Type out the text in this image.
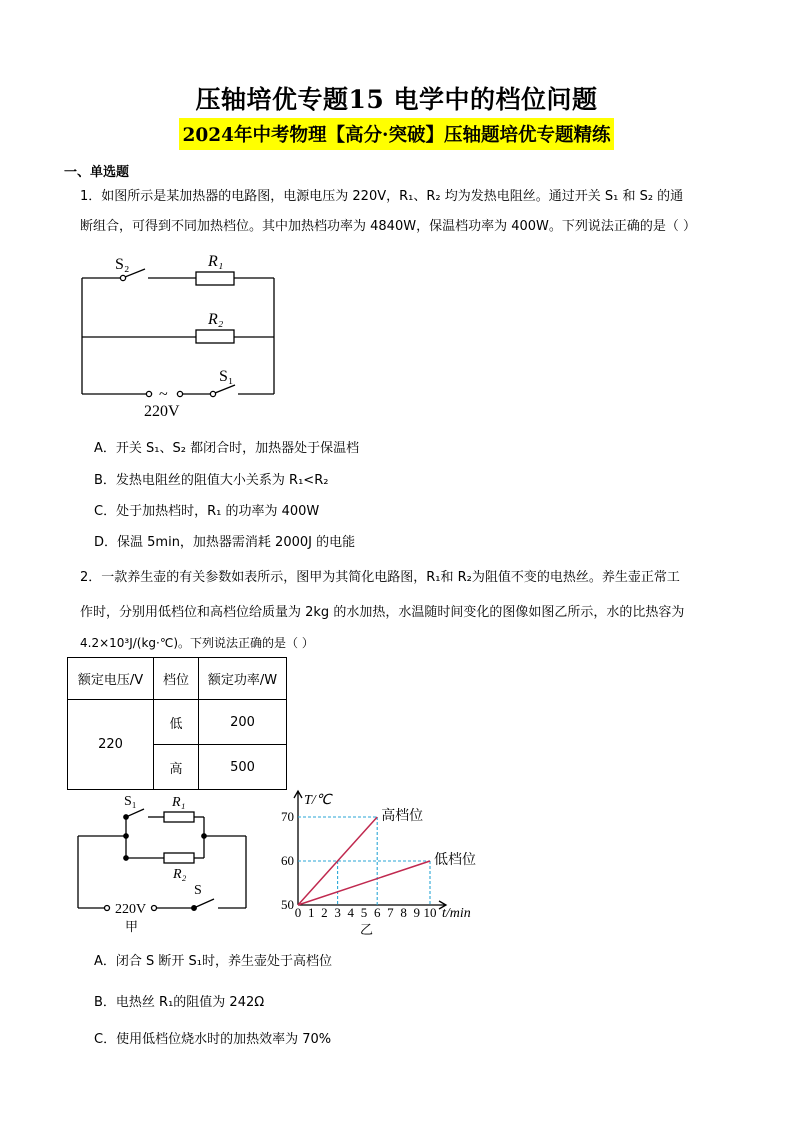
压轴培优专题15 电学中的档位问题
2024年中考物理【高分·突破】压轴题培优专题精练
一、单选题
1．如图所示是某加热器的电路图，电源电压为 220V，R₁、R₂ 均为发热电阻丝。通过开关 S₁ 和 S₂ 的通
断组合，可得到不同加热档位。其中加热档功率为 4840W，保温档功率为 400W。下列说法正确的是（ ）
S₂	R₁
R₂
S₁
~
220V
A．开关 S₁、S₂ 都闭合时，加热器处于保温档
B．发热电阻丝的阻值大小关系为 R₁<R₂
C．处于加热档时，R₁ 的功率为 400W
D．保温 5min，加热器需消耗 2000J 的电能
2．一款养生壶的有关参数如表所示，图甲为其简化电路图，R₁和 R₂为阻值不变的电热丝。养生壶正常工
作时，分别用低档位和高档位给质量为 2kg 的水加热，水温随时间变化的图像如图乙所示，水的比热容为
4.2×10³J/(kg·℃)。下列说法正确的是（ ）
额定电压/V	档位	额定功率/W
220	低	200
	高	500
S₁	R₁
R₂
S
220V
甲
高档位
低档位
0 1 2 3 4 5 6 7 8 9 10
50
60
70
T/℃
t/min
乙
A．闭合 S 断开 S₁时，养生壶处于高档位
B．电热丝 R₁的阻值为 242Ω
C．使用低档位烧水时的加热效率为 70%
